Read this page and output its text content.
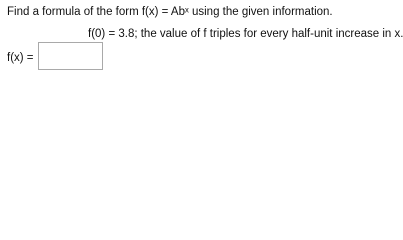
Find a formula of the form f(x) = Abˣ using the given information.
f(0) = 3.8; the value of f triples for every half-unit increase in x.
f(x) =
